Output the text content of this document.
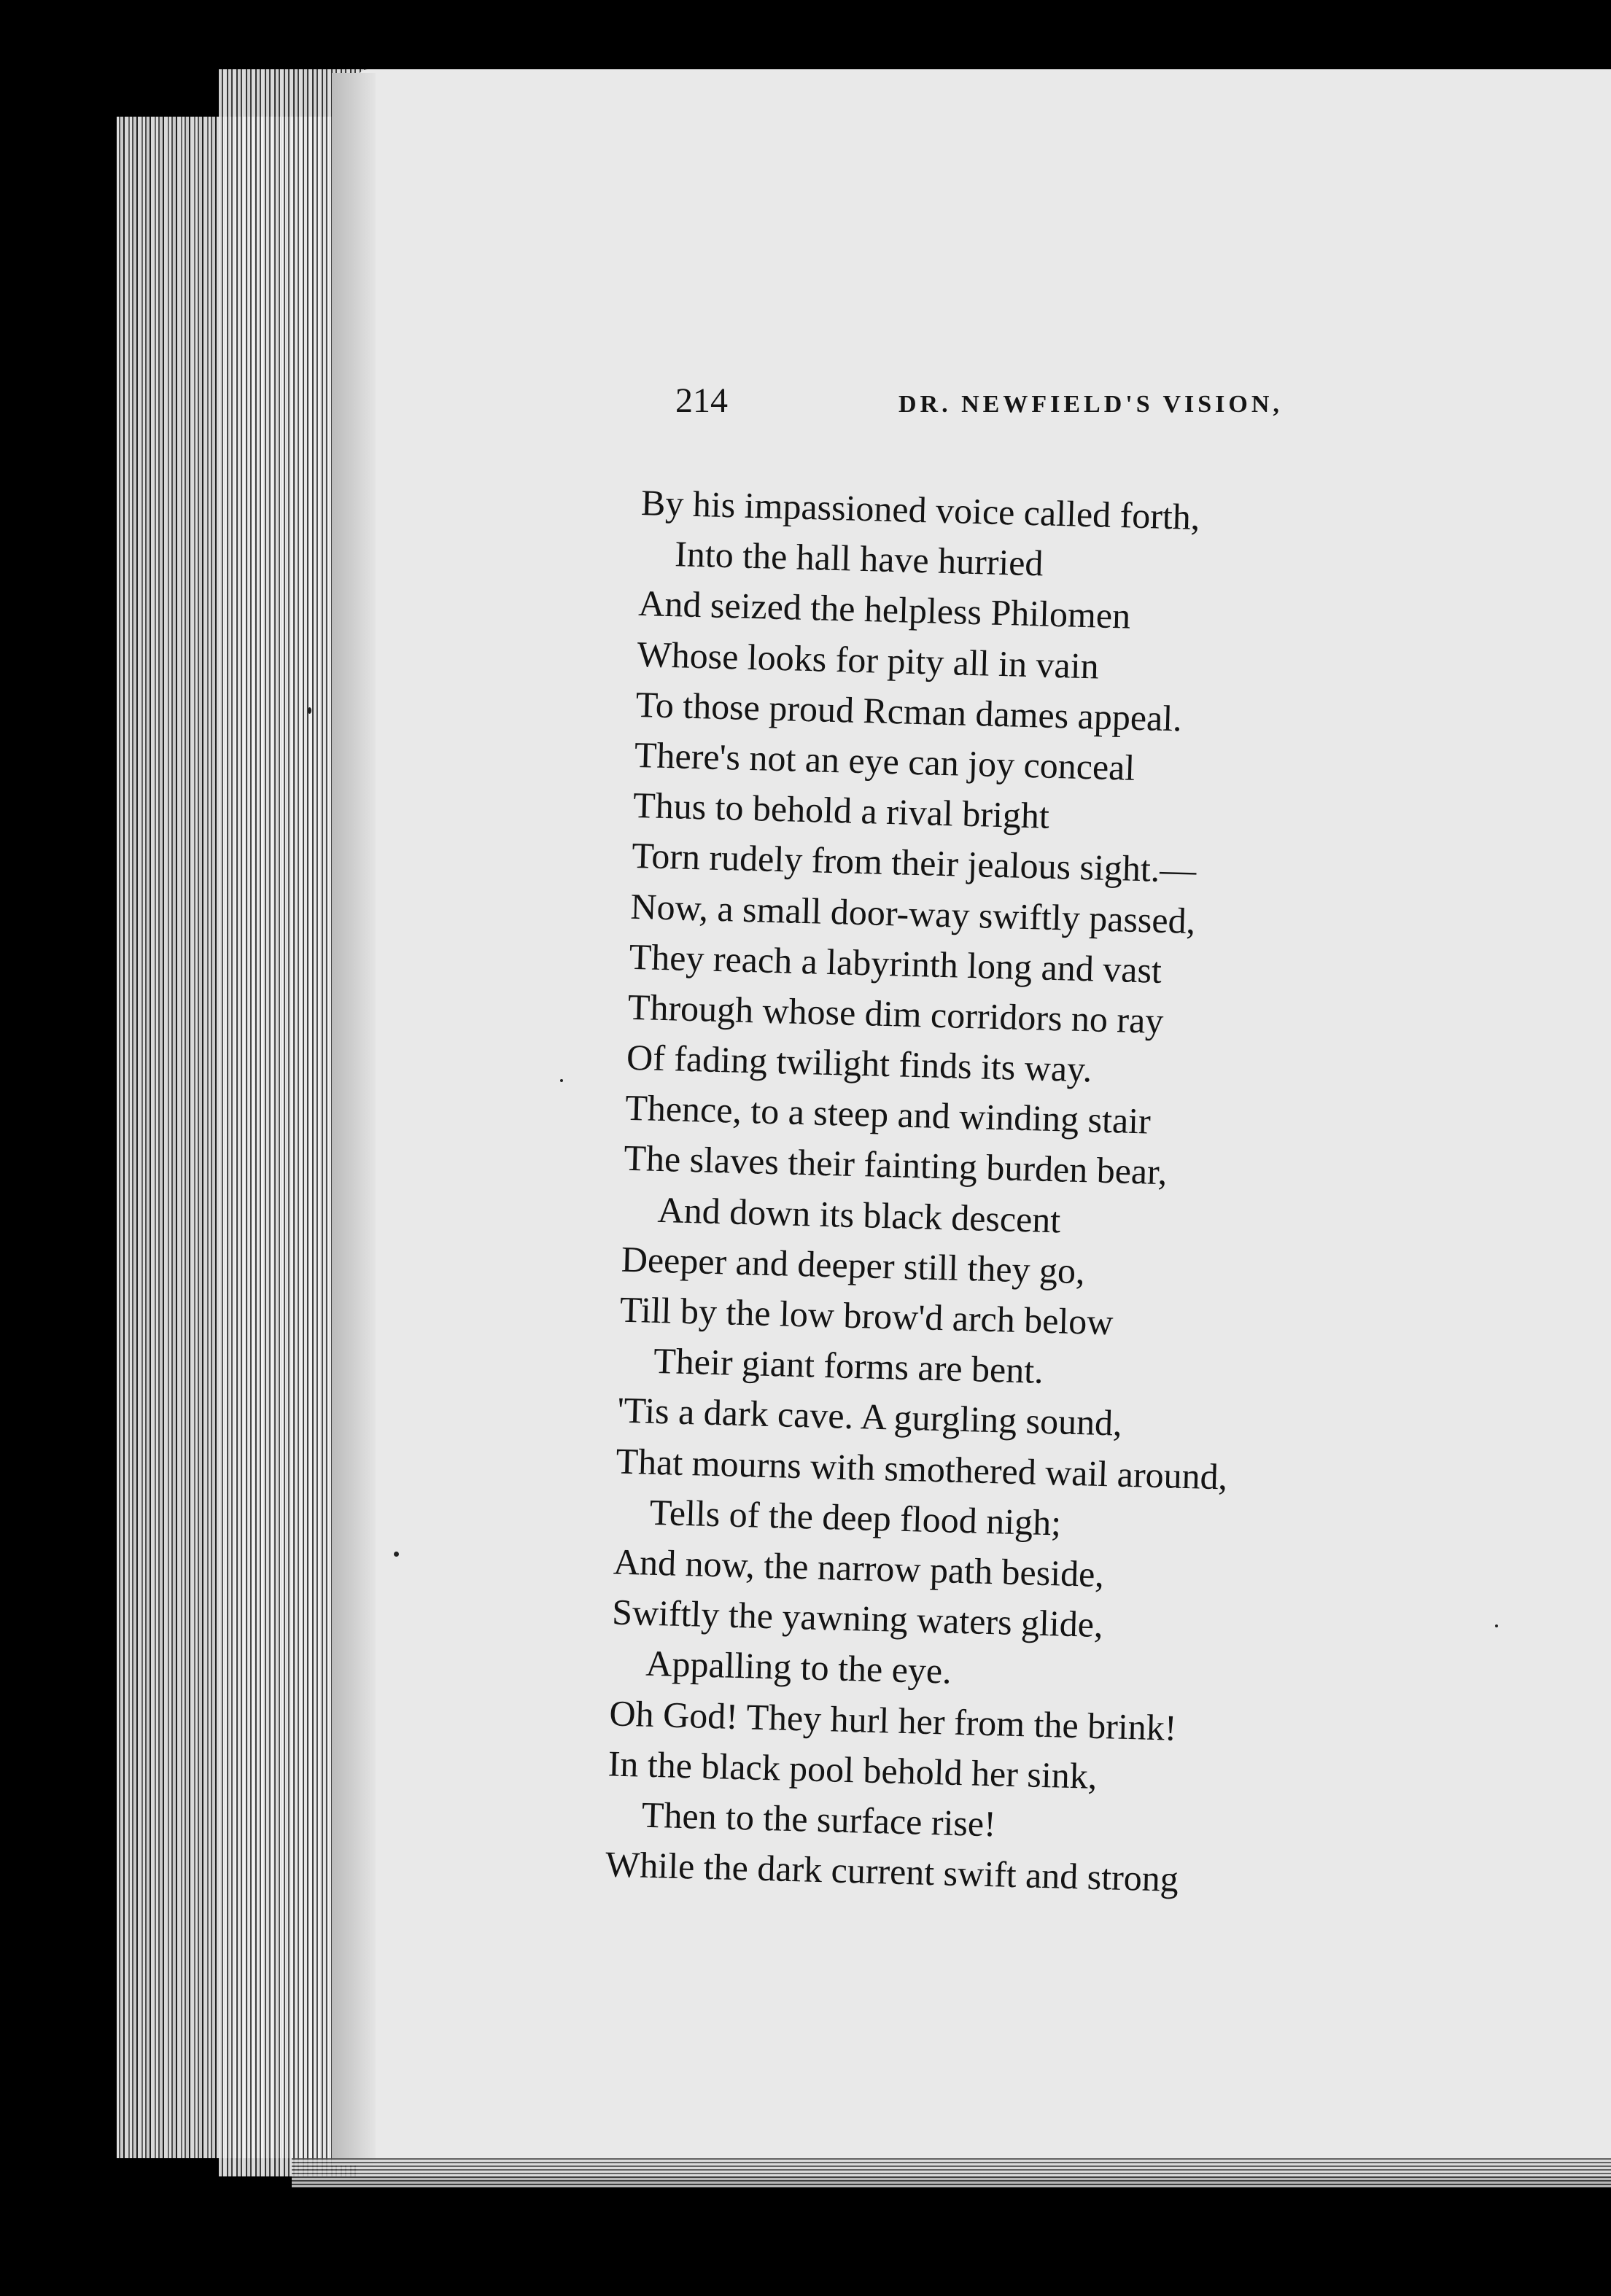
214	DR. NEWFIELD'S VISION,
By his impassioned voice called forth,
Into the hall have hurried
And seized the helpless Philomen
Whose looks for pity all in vain
To those proud Rcman dames appeal.
There's not an eye can joy conceal
Thus to behold a rival bright
Torn rudely from their jealous sight.—
Now, a small door-way swiftly passed,
They reach a labyrinth long and vast
Through whose dim corridors no ray
Of fading twilight finds its way.
Thence, to a steep and winding stair
The slaves their fainting burden bear,
And down its black descent
Deeper and deeper still they go,
Till by the low brow'd arch below
Their giant forms are bent.
'Tis a dark cave. A gurgling sound,
That mourns with smothered wail around,
Tells of the deep flood nigh;
And now, the narrow path beside,
Swiftly the yawning waters glide,
Appalling to the eye.
Oh God! They hurl her from the brink!
In the black pool behold her sink,
Then to the surface rise!
While the dark current swift and strong
